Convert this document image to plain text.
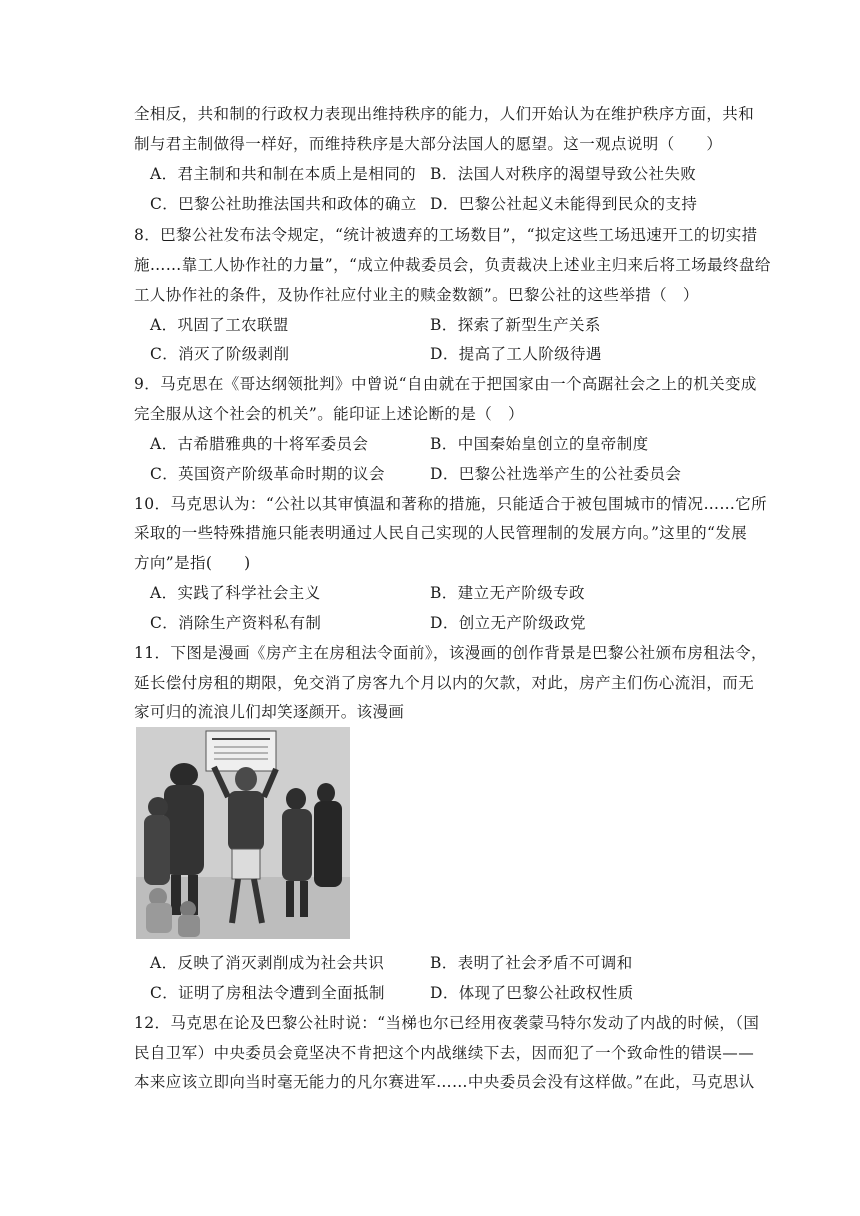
全相反，共和制的行政权力表现出维持秩序的能力，人们开始认为在维护秩序方面，共和
制与君主制做得一样好，而维持秩序是大部分法国人的愿望。这一观点说明（　　）
A．君主制和共和制在本质上是相同的 B．法国人对秩序的渴望导致公社失败
C．巴黎公社助推法国共和政体的确立 D．巴黎公社起义未能得到民众的支持
8．巴黎公社发布法令规定，“统计被遗弃的工场数目”，“拟定这些工场迅速开工的切实措
施……靠工人协作社的力量”，“成立仲裁委员会，负责裁决上述业主归来后将工场最终盘给
工人协作社的条件，及协作社应付业主的赎金数额”。巴黎公社的这些举措（　）
A．巩固了工农联盟	B．探索了新型生产关系
C．消灭了阶级剥削	D．提高了工人阶级待遇
9．马克思在《哥达纲领批判》中曾说“自由就在于把国家由一个高踞社会之上的机关变成
完全服从这个社会的机关”。能印证上述论断的是（　）
A．古希腊雅典的十将军委员会	B．中国秦始皇创立的皇帝制度
C．英国资产阶级革命时期的议会	D．巴黎公社选举产生的公社委员会
10．马克思认为：“公社以其审慎温和著称的措施，只能适合于被包围城市的情况……它所
采取的一些特殊措施只能表明通过人民自己实现的人民管理制的发展方向。”这里的“发展
方向”是指(　　)
A．实践了科学社会主义	B．建立无产阶级专政
C．消除生产资料私有制	D．创立无产阶级政党
11．下图是漫画《房产主在房租法令面前》，该漫画的创作背景是巴黎公社颁布房租法令，
延长偿付房租的期限，免交消了房客九个月以内的欠款，对此，房产主们伤心流泪，而无
家可归的流浪儿们却笑逐颜开。该漫画
A．反映了消灭剥削成为社会共识	B．表明了社会矛盾不可调和
C．证明了房租法令遭到全面抵制	D．体现了巴黎公社政权性质
12．马克思在论及巴黎公社时说：“当梯也尔已经用夜袭蒙马特尔发动了内战的时候，（国
民自卫军）中央委员会竟坚决不肯把这个内战继续下去，因而犯了一个致命性的错误——
本来应该立即向当时毫无能力的凡尔赛进军……中央委员会没有这样做。”在此，马克思认
